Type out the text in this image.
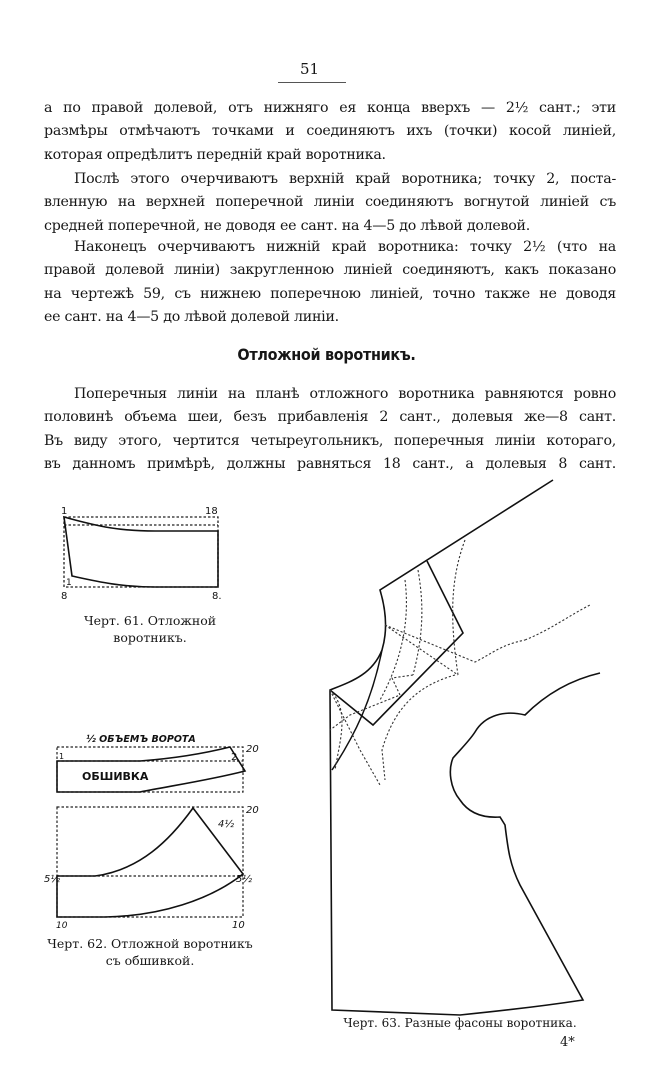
51
а по правой долевой, отъ нижняго ея конца вверхъ — 2½ сант.; эти
размѣры отмѣчаютъ точками и соединяютъ ихъ (точки) косой линiей,
которая опредѣлитъ переднiй край воротника.
Послѣ этого очерчиваютъ верхнiй край воротника; точку 2, поста-
вленную на верхней поперечной линiи соединяютъ вогнутой линiей съ
средней поперечной, не доводя ее сант. на 4—5 до лѣвой долевой.
Наконецъ очерчиваютъ нижнiй край воротника: точку 2½ (что на
правой долевой линiи) закругленною линiей соединяютъ, какъ показано
на чертежѣ 59, съ нижнею поперечною линiей, точно также не доводя
ее сант. на 4—5 до лѣвой долевой линiи.
Отложной воротникъ.
Поперечныя линiи на планѣ отложного воротника равняются ровно
половинѣ объема шеи, безъ прибавленiя 2 сант., долевыя же—8 сант.
Въ виду этого, чертится четыреугольникъ, поперечныя линiи котораго,
въ данномъ примѣрѣ, должны равняться 18 сант., а долевыя 8 сант.
1	18
1
8	8.
Черт. 61. Отложной
воротникъ.
½ ОБЪЕМЪ ВОРОТА
1	2
20
ОБШИВКА
20
4½
5½	5½
10	10
Черт. 62. Отложной воротникъ
съ обшивкой.
Черт. 63. Разные фасоны воротника.
4*
